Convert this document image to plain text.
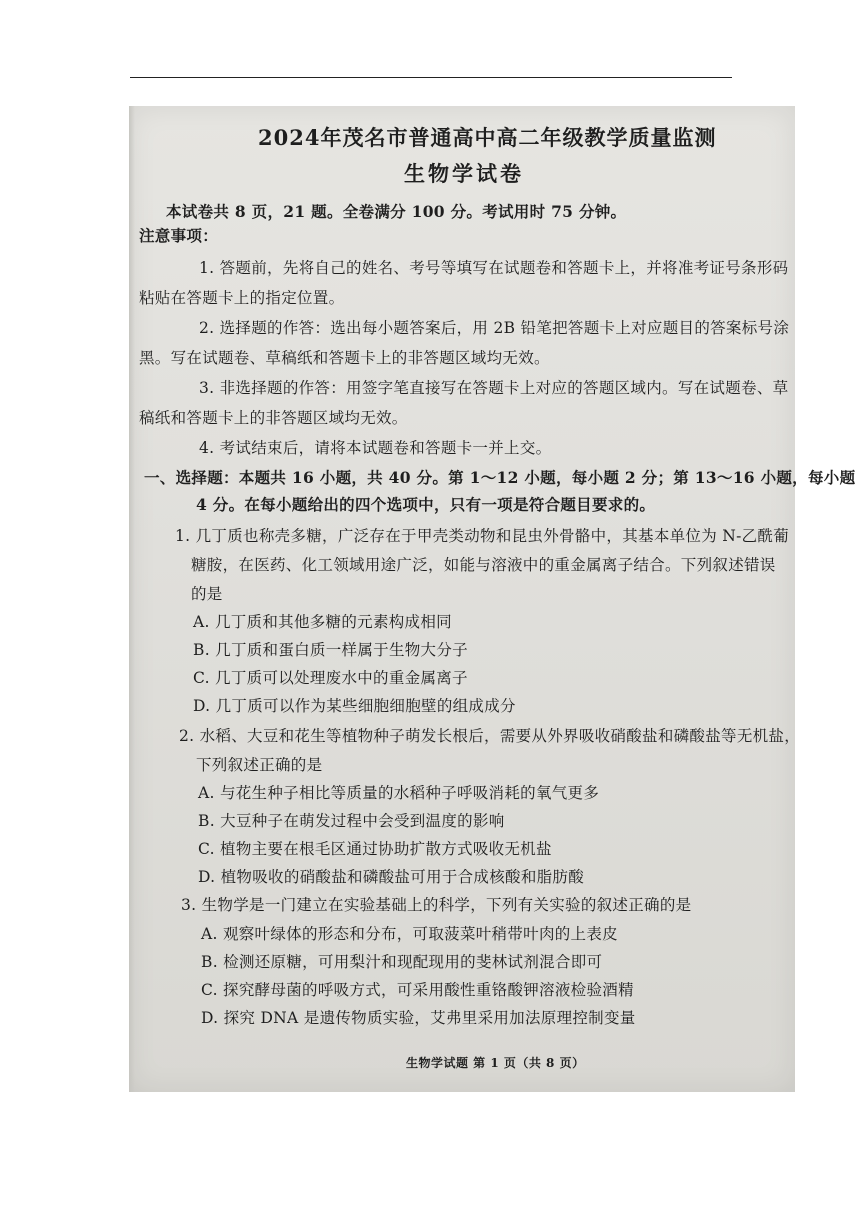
2024年茂名市普通高中高二年级教学质量监测
生物学试卷
本试卷共 8 页，21 题。全卷满分 100 分。考试用时 75 分钟。
注意事项：
1. 答题前，先将自己的姓名、考号等填写在试题卷和答题卡上，并将准考证号条形码
粘贴在答题卡上的指定位置。
2. 选择题的作答：选出每小题答案后，用 2B 铅笔把答题卡上对应题目的答案标号涂
黑。写在试题卷、草稿纸和答题卡上的非答题区域均无效。
3. 非选择题的作答：用签字笔直接写在答题卡上对应的答题区域内。写在试题卷、草
稿纸和答题卡上的非答题区域均无效。
4. 考试结束后，请将本试题卷和答题卡一并上交。
一、选择题：本题共 16 小题，共 40 分。第 1～12 小题，每小题 2 分；第 13～16 小题，每小题
4 分。在每小题给出的四个选项中，只有一项是符合题目要求的。
1. 几丁质也称壳多糖，广泛存在于甲壳类动物和昆虫外骨骼中，其基本单位为 N-乙酰葡
糖胺，在医药、化工领域用途广泛，如能与溶液中的重金属离子结合。下列叙述错误
的是
A. 几丁质和其他多糖的元素构成相同
B. 几丁质和蛋白质一样属于生物大分子
C. 几丁质可以处理废水中的重金属离子
D. 几丁质可以作为某些细胞细胞壁的组成成分
2. 水稻、大豆和花生等植物种子萌发长根后，需要从外界吸收硝酸盐和磷酸盐等无机盐，
下列叙述正确的是
A. 与花生种子相比等质量的水稻种子呼吸消耗的氧气更多
B. 大豆种子在萌发过程中会受到温度的影响
C. 植物主要在根毛区通过协助扩散方式吸收无机盐
D. 植物吸收的硝酸盐和磷酸盐可用于合成核酸和脂肪酸
3. 生物学是一门建立在实验基础上的科学，下列有关实验的叙述正确的是
A. 观察叶绿体的形态和分布，可取菠菜叶稍带叶肉的上表皮
B. 检测还原糖，可用梨汁和现配现用的斐林试剂混合即可
C. 探究酵母菌的呼吸方式，可采用酸性重铬酸钾溶液检验酒精
D. 探究 DNA 是遗传物质实验，艾弗里采用加法原理控制变量
生物学试题 第 1 页（共 8 页）
